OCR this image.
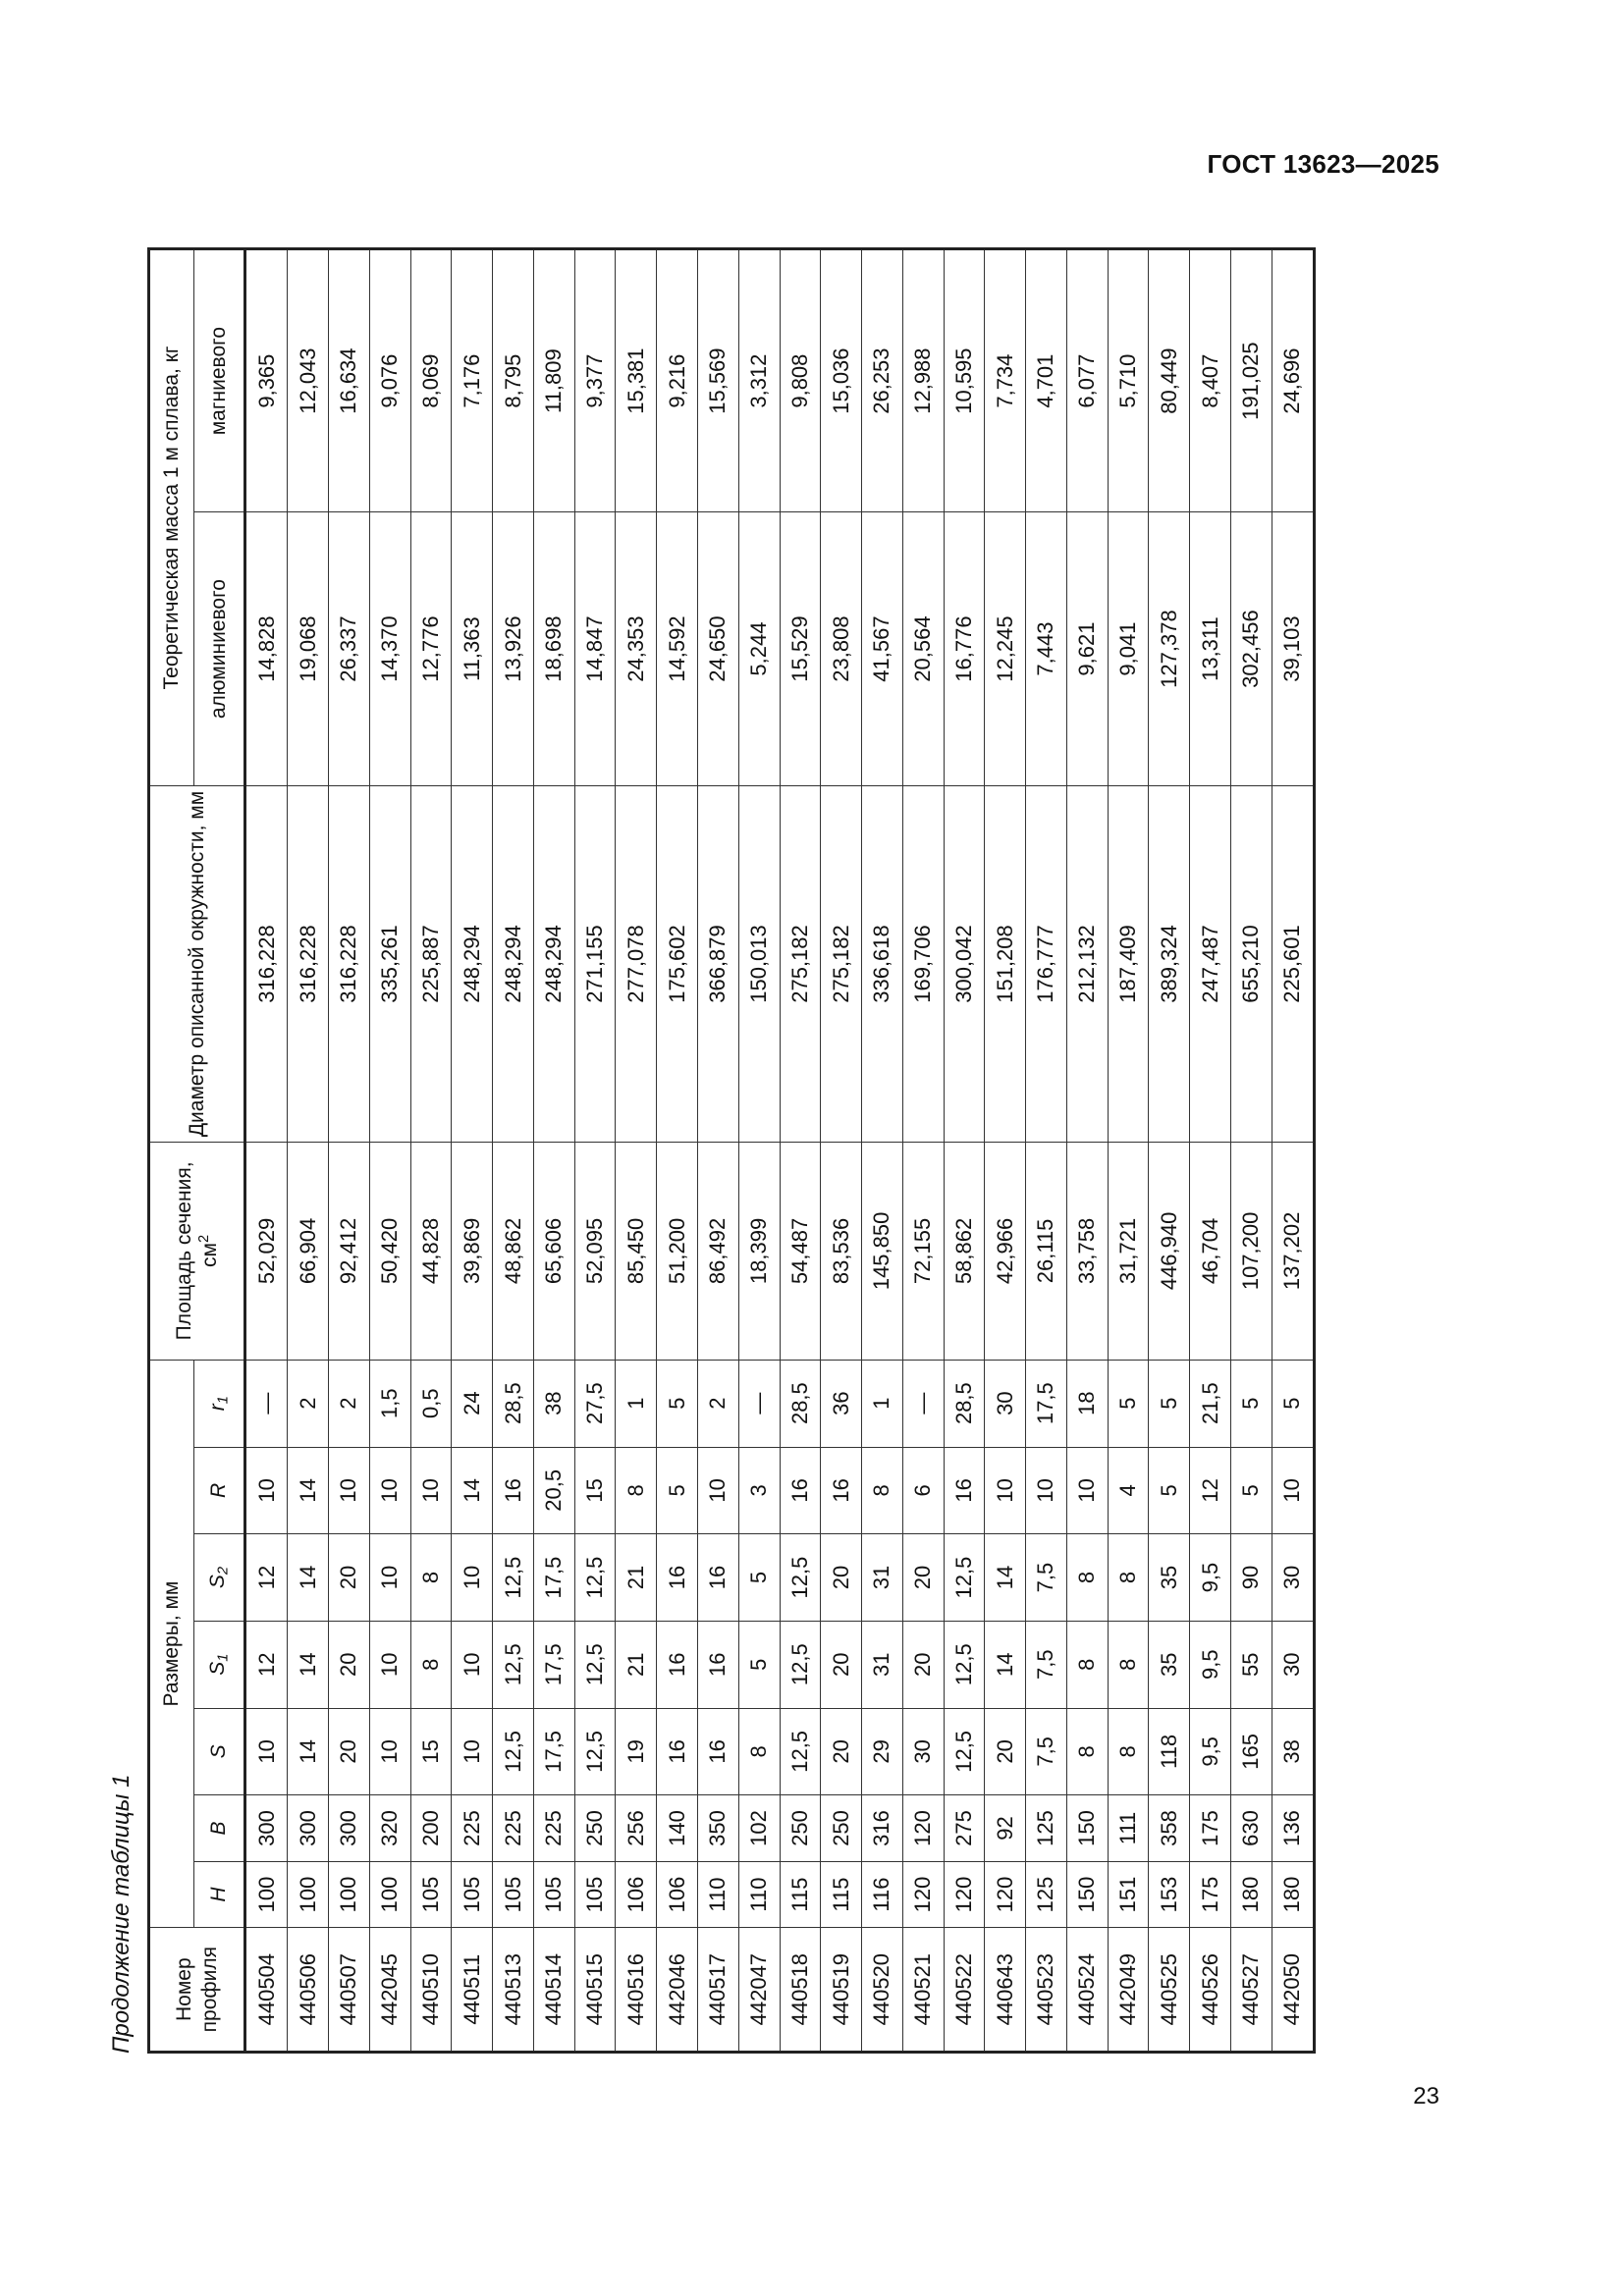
ГОСТ 13623—2025
23
Продолжение таблицы 1 Номер профиля	Размеры, мм							Площадь сечения, $см^2$	Диаметр описанной окружности, мм	Теоретическая масса 1 м сплава, кг	
	H	B	S	$S_1$	$S_2$	R	$r_1$			алюминиевого	магниевого
440504	100	300	10	12	12	10	—	52,029	316,228	14,828	9,365
440506	100	300	14	14	14	14	2	66,904	316,228	19,068	12,043
440507	100	300	20	20	20	10	2	92,412	316,228	26,337	16,634
442045	100	320	10	10	10	10	1,5	50,420	335,261	14,370	9,076
440510	105	200	15	8	8	10	0,5	44,828	225,887	12,776	8,069
440511	105	225	10	10	10	14	24	39,869	248,294	11,363	7,176
440513	105	225	12,5	12,5	12,5	16	28,5	48,862	248,294	13,926	8,795
440514	105	225	17,5	17,5	17,5	20,5	38	65,606	248,294	18,698	11,809
440515	105	250	12,5	12,5	12,5	15	27,5	52,095	271,155	14,847	9,377
440516	106	256	19	21	21	8	1	85,450	277,078	24,353	15,381
442046	106	140	16	16	16	5	5	51,200	175,602	14,592	9,216
440517	110	350	16	16	16	10	2	86,492	366,879	24,650	15,569
442047	110	102	8	5	5	3	—	18,399	150,013	5,244	3,312
440518	115	250	12,5	12,5	12,5	16	28,5	54,487	275,182	15,529	9,808
440519	115	250	20	20	20	16	36	83,536	275,182	23,808	15,036
440520	116	316	29	31	31	8	1	145,850	336,618	41,567	26,253
440521	120	120	30	20	20	6	—	72,155	169,706	20,564	12,988
440522	120	275	12,5	12,5	12,5	16	28,5	58,862	300,042	16,776	10,595
440643	120	92	20	14	14	10	30	42,966	151,208	12,245	7,734
440523	125	125	7,5	7,5	7,5	10	17,5	26,115	176,777	7,443	4,701
440524	150	150	8	8	8	10	18	33,758	212,132	9,621	6,077
442049	151	111	8	8	8	4	5	31,721	187,409	9,041	5,710
440525	153	358	118	35	35	5	5	446,940	389,324	127,378	80,449
440526	175	175	9,5	9,5	9,5	12	21,5	46,704	247,487	13,311	8,407
440527	180	630	165	55	90	5	5	107,200	655,210	302,456	191,025
442050	180	136	38	30	30	10	5	137,202	225,601	39,103	24,696
